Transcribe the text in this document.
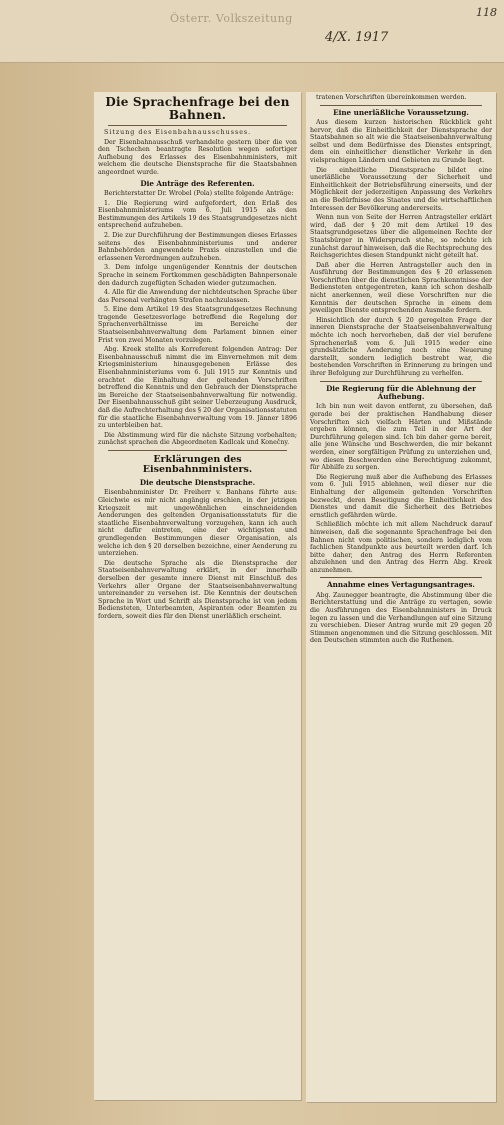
Österr. Volkszeitung
4/X. 1917
118
Die Sprachenfrage bei den Bahnen.

Sitzung des Eisenbahnausschusses.

Der Eisenbahnausschuß verhandelte gestern über die von den Tschechen beantragte Resolution wegen sofortiger Aufhebung des Erlasses des Eisenbahnministers, mit welchem die deutsche Dienstsprache für die Staatsbahnen angeordnet wurde.

Die Anträge des Referenten.

Berichterstatter Dr. Wrobel (Pola) stellte folgende Anträge:

1. Die Regierung wird aufgefordert, den Erlaß des Eisenbahnministeriums vom 6. Juli 1915 als den Bestimmungen des Artikels 19 des Staatsgrundgesetzes nicht entsprechend aufzuheben.

2. Die zur Durchführung der Bestimmungen dieses Erlasses seitens des Eisenbahnministeriums und anderer Bahnbehörden angewendete Praxis einzustellen und die erlassenen Verordnungen aufzuheben.

3. Dem infolge ungenügender Kenntnis der deutschen Sprache in seinem Fortkommen geschädigten Bahnpersonale den dadurch zugefügten Schaden wieder gutzumachen.

4. Alle für die Anwendung der nichtdeutschen Sprache über das Personal verhängten Strafen nachzulassen.

5. Eine dem Artikel 19 des Staatsgrundgesetzes Rechnung tragende Gesetzesvorlage betreffend die Regelung der Sprachenverhältnisse im Bereiche der Staatseisenbahnverwaltung dem Parlament binnen einer Frist von zwei Monaten vorzulegen.

Abg. Kreek stellte als Korreferent folgenden Antrag: Der Eisenbahnausschuß nimmt die im Einvernehmen mit dem Kriegsministerium hinausgegebenen Erlässe des Eisenbahnministeriums vom 6. Juli 1915 zur Kenntnis und erachtet die Einhaltung der geltenden Vorschriften betreffend die Kenntnis und den Gebrauch der Dienstsprache im Bereiche der Staatseisenbahnverwaltung für notwendig. Der Eisenbahnausschuß gibt seiner Ueberzeugung Ausdruck, daß die Aufrechterhaltung des § 20 der Organisationsstatuten für die staatliche Eisenbahnverwaltung vom 19. Jänner 1896 zu unterbleiben hat.

Die Abstimmung wird für die nächste Sitzung vorbehalten; zunächst sprachen die Abgeordneten Kadlcak und Konečny.

Erklärungen des Eisenbahnministers.
Die deutsche Dienstsprache.

Eisenbahnminister Dr. Freiherr v. Banhans führte aus: Gleichwie es mir nicht angängig erschien, in der jetzigen Kriegszeit mit ungewöhnlichen einschneidenden Aenderungen des geltenden Organisationsstatuts für die staatliche Eisenbahnverwaltung vorzugehen, kann ich auch nicht dafür eintreten, eine der wichtigsten und grundlegenden Bestimmungen dieser Organisation, als welche ich den § 20 derselben bezeichne, einer Aenderung zu unterziehen.

Die deutsche Sprache als die Dienstsprache der Staatseisenbahnverwaltung erklärt, in der innerhalb derselben der gesamte innere Dienst mit Einschluß des Verkehrs aller Organe der Staatseisenbahnverwaltung untereinander zu versehen ist. Die Kenntnis der deutschen Sprache in Wort und Schrift als Dienstsprache ist von jedem Bediensteten, Unterbeamten, Aspiranten oder Beamten zu fordern, soweit dies für den Dienst unerläßlich erscheint.

tratenen Vorschriften übereinkommen werden.

Eine unerläßliche Voraussetzung.

Aus diesem kurzen historischen Rückblick geht hervor, daß die Einheitlichkeit der Dienstsprache der Staatsbahnen so alt wie die Staatseisenbahnverwaltung selbst und dem Bedürfnisse des Dienstes entspringt, dem ein einheitlicher dienstlicher Verkehr in den vielsprachigen Ländern und Gebieten zu Grunde liegt.

Die einheitliche Dienstsprache bildet eine unerläßliche Voraussetzung der Sicherheit und Einheitlichkeit der Betriebsführung einerseits, und der Möglichkeit der jederzeitigen Anpassung des Verkehrs an die Bedürfnisse des Staates und die wirtschaftlichen Interessen der Bevölkerung andererseits.

Wenn nun von Seite der Herren Antragsteller erklärt wird, daß der § 20 mit dem Artikel 19 des Staatsgrundgesetzes über die allgemeinen Rechte der Staatsbürger in Widerspruch stehe, so möchte ich zunächst darauf hinweisen, daß die Rechtsprechung des Reichsgerichtes diesen Standpunkt nicht geteilt hat.

Daß aber die Herren Antragsteller auch den in Ausführung der Bestimmungen des § 20 erlassenen Vorschriften über die dienstlichen Sprachkenntnisse der Bediensteten entgegentreten, kann ich schon deshalb nicht anerkennen, weil diese Vorschriften nur die Kenntnis der deutschen Sprache in einem dem jeweiligen Dienste entsprechenden Ausmaße fordern.

Hinsichtlich der durch § 20 geregelten Frage der inneren Dienstsprache der Staatseisenbahnverwaltung möchte ich noch hervorheben, daß der viel berufene Sprachenerlaß vom 6. Juli 1915 weder eine grundsätzliche Aenderung noch eine Neuerung darstellt, sondern lediglich bestrebt war, die bestehenden Vorschriften in Erinnerung zu bringen und ihrer Befolgung zur Durchführung zu verhelfen.

Die Regierung für die Ablehnung der Aufhebung.

Ich bin nun weit davon entfernt, zu übersehen, daß gerade bei der praktischen Handhabung dieser Vorschriften sich vielfach Härten und Mißstände ergeben können, die zum Teil in der Art der Durchführung gelegen sind. Ich bin daher gerne bereit, alle jene Wünsche und Beschwerden, die mir bekannt werden, einer sorgfältigen Prüfung zu unterziehen und, wo diesen Beschwerden eine Berechtigung zukommt, für Abhilfe zu sorgen.

Die Regierung muß aber die Aufhebung des Erlasses vom 6. Juli 1915 ablehnen, weil dieser nur die Einhaltung der allgemein geltenden Vorschriften bezweckt, deren Beseitigung die Einheitlichkeit des Dienstes und damit die Sicherheit des Betriebes ernstlich gefährden würde.

Schließlich möchte ich mit allem Nachdruck darauf hinweisen, daß die sogenannte Sprachenfrage bei den Bahnen nicht vom politischen, sondern lediglich vom fachlichen Standpunkte aus beurteilt werden darf. Ich bitte daher, den Antrag des Herrn Referenten abzulehnen und den Antrag des Herrn Abg. Kreek anzunehmen.

Annahme eines Vertagungsantrages.

Abg. Zaunegger beantragte, die Abstimmung über die Berichterstattung und die Anträge zu vertagen, sowie die Ausführungen des Eisenbahnministers in Druck legen zu lassen und die Verhandlungen auf eine Sitzung zu verschieben. Dieser Antrag wurde mit 29 gegen 20 Stimmen angenommen und die Sitzung geschlossen. Mit den Deutschen stimmten auch die Ruthenen.
